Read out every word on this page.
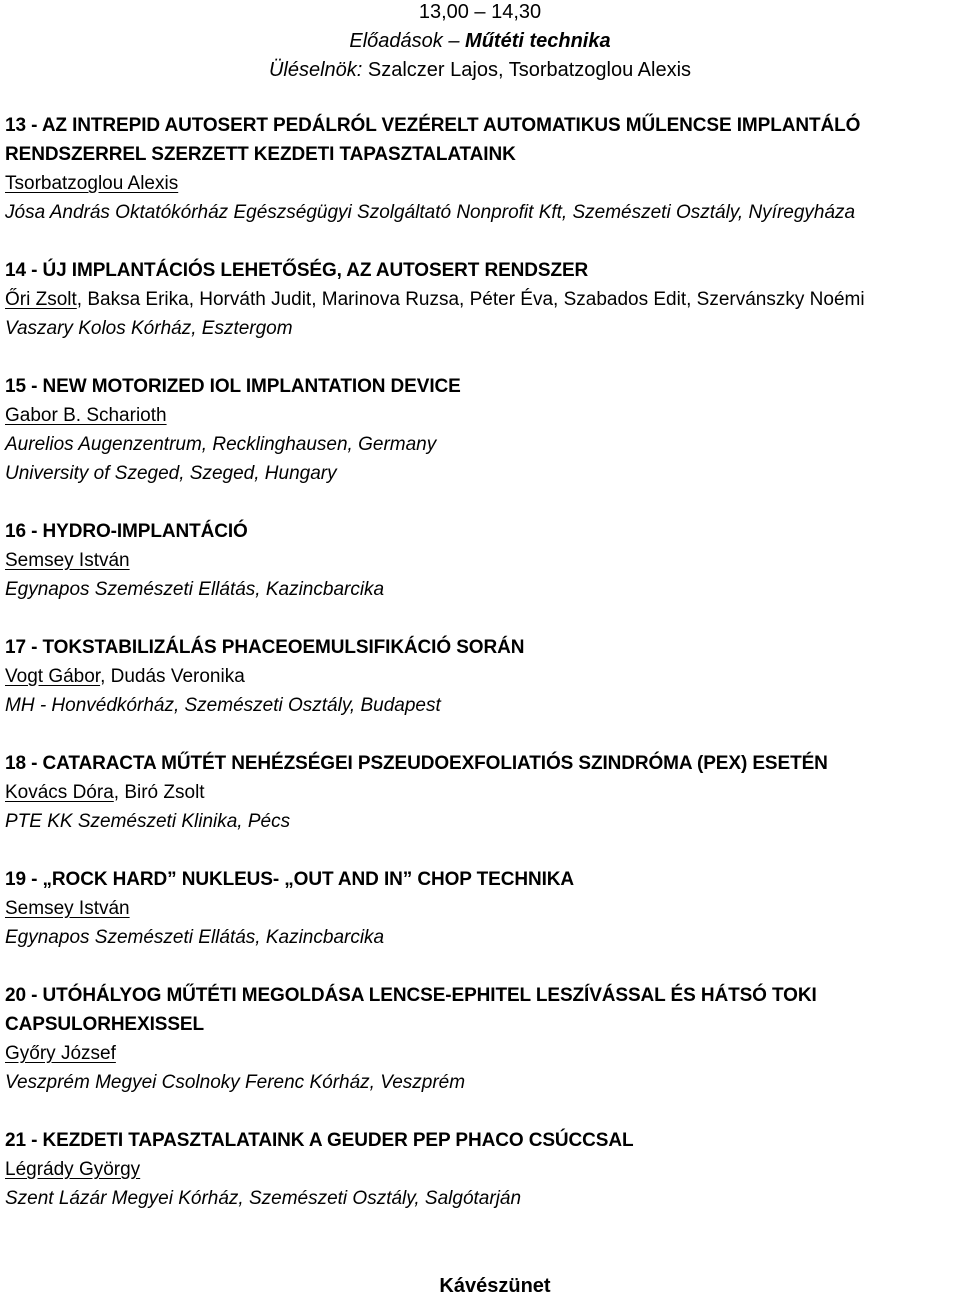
13,00 – 14,30
Előadások – Műtéti technika
Üléselnök: Szalczer Lajos, Tsorbatzoglou Alexis
13 - AZ INTREPID AUTOSERT PEDÁLRÓL VEZÉRELT AUTOMATIKUS MŰLENCSE IMPLANTÁLÓ RENDSZERREL SZERZETT KEZDETI TAPASZTALATAINK
Tsorbatzoglou Alexis
Jósa András Oktatókórház Egészségügyi Szolgáltató Nonprofit Kft, Szemészeti Osztály, Nyíregyháza
14 - ÚJ IMPLANTÁCIÓS LEHETŐSÉG, AZ AUTOSERT RENDSZER
Őri Zsolt, Baksa Erika, Horváth Judit, Marinova Ruzsa, Péter Éva, Szabados Edit, Szervánszky Noémi
Vaszary Kolos Kórház, Esztergom
15 - NEW MOTORIZED IOL IMPLANTATION DEVICE
Gabor B. Scharioth
Aurelios Augenzentrum, Recklinghausen, Germany
University of Szeged, Szeged, Hungary
16 - HYDRO-IMPLANTÁCIÓ
Semsey István
Egynapos Szemészeti Ellátás, Kazincbarcika
17 - TOKSTABILIZÁLÁS PHACEOEMULSIFIKÁCIÓ SORÁN
Vogt Gábor, Dudás Veronika
MH - Honvédkórház, Szemészeti Osztály, Budapest
18 - CATARACTA MŰTÉT NEHÉZSÉGEI PSZEUDOEXFOLIATIÓS SZINDRÓMA (PEX) ESETÉN
Kovács Dóra, Biró Zsolt
PTE KK Szemészeti Klinika, Pécs
19 - „ROCK HARD” NUKLEUS- „OUT AND IN” CHOP TECHNIKA
Semsey István
Egynapos Szemészeti Ellátás, Kazincbarcika
20 - UTÓHÁLYOG MŰTÉTI MEGOLDÁSA LENCSE-EPHITEL LESZÍVÁSSAL ÉS HÁTSÓ TOKI CAPSULORHEXISSEL
Győry József
Veszprém Megyei Csolnoky Ferenc Kórház, Veszprém
21 - KEZDETI TAPASZTALATAINK A GEUDER PEP PHACO CSÚCCSAL
Légrády György
Szent Lázár Megyei Kórház, Szemészeti Osztály, Salgótarján
Kávészünet
